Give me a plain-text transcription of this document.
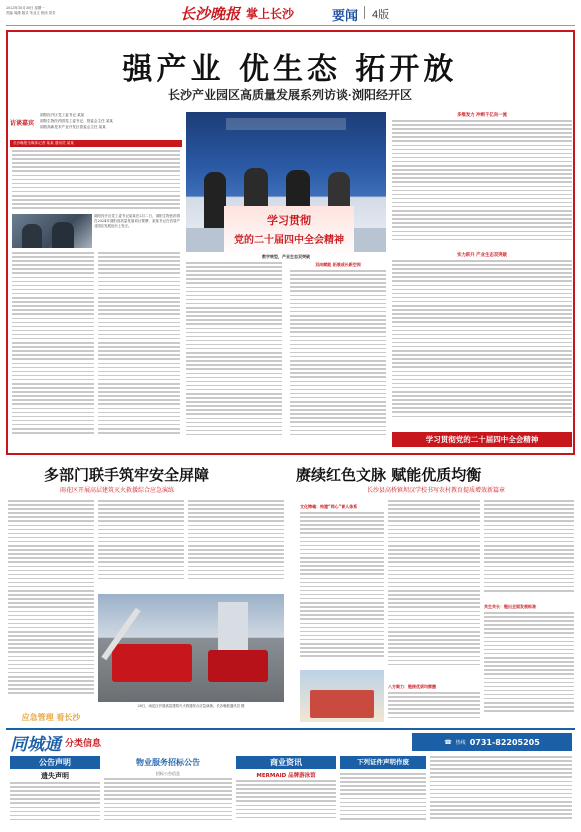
2023年10月30日 星期一
责编 周潇 版式 朱业文 校读 刘芳	长沙晚报 掌上长沙	要闻 4版
强产业 优生态 拓开放
长沙产业园区高质量发展系列访谈·浏阳经开区
访谈嘉宾
浏阳经开区党工委书记 某某
浏阳生物医药园党工委书记、管委会主任 某某
浏阳高新技术产业开发区管委会主任 某某
长沙晚报全媒体记者 某某 通讯员 某某
浏阳经开区党工委书记某某在2月二日，浏阳生物医药园在2024年浏阳高质量发展项目观摩，某某书记在首届产业园区发展论坛上发言。	学习贯彻
党的二十届四中全会精神
数字转型，产业生态双突破
双向赋能 拓展成长新空间
多维发力 冲刺千亿向一流
实力跃升 产业生态双突破
学习贯彻党的二十届四中全会精神
多部门联手筑牢安全屏障
雨花区开展高层建筑灭火救援综合应急演练
28日，雨花区开展高层建筑灭火救援综合应急演练。长沙晚报通讯员 摄
应急管理 看长沙
赓续红色文脉 赋能优质均衡
长沙县高桥镇坝汉学校书写农村教育提质增效新篇章
文化铸魂：构建“同心”育人体系
八方聚力：链接优质均衡圈
共生共长：链出全面发展标准
同城通 分类信息	☎ 热线 0731-82205205
公告声明
遗失声明
物业服务招标公告
招标公告信息
商业资讯
MERMAID 品牌游泳馆
下列证件声明作废
